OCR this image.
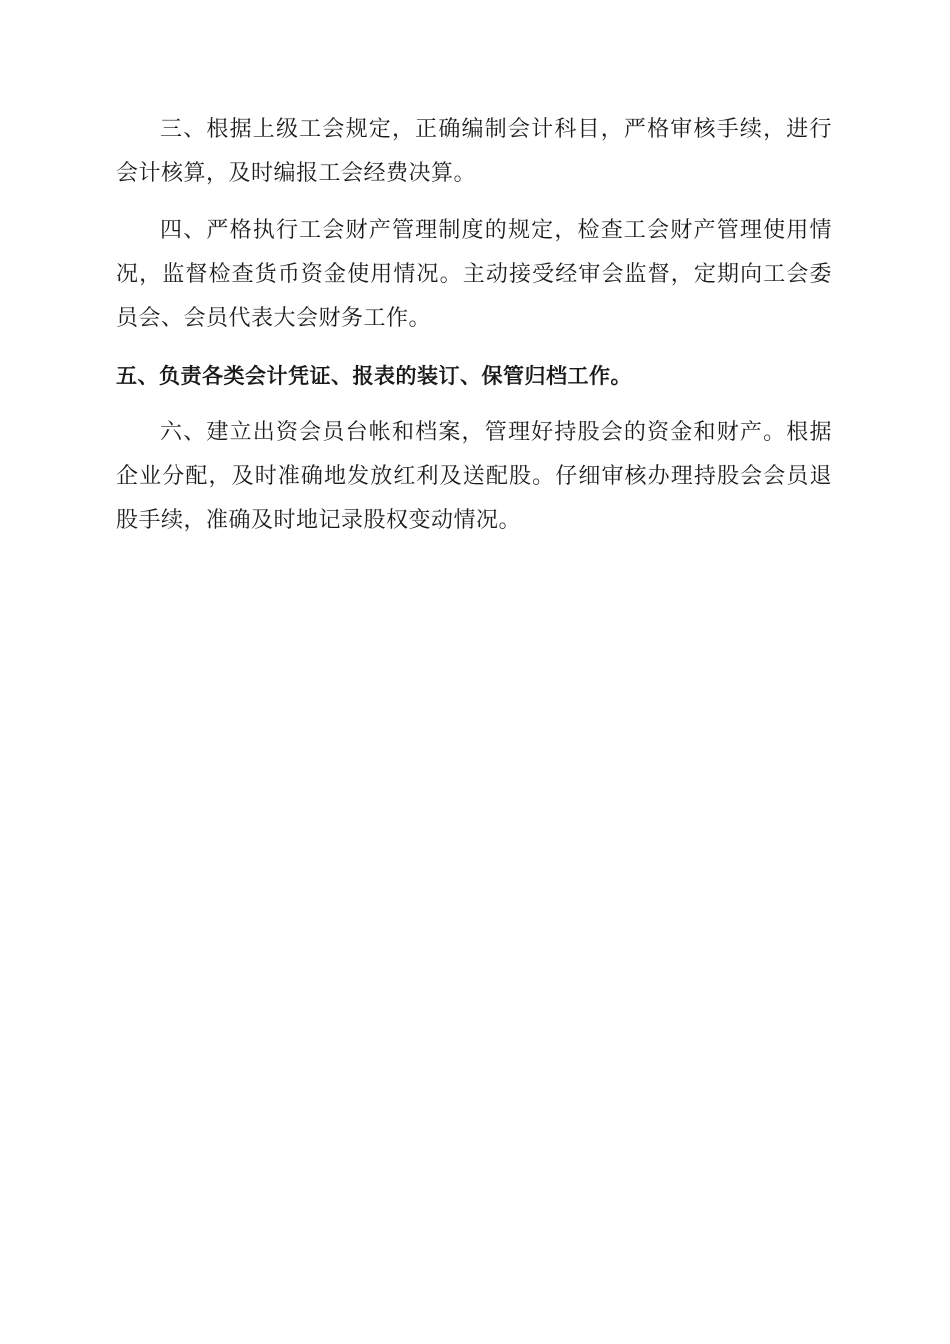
三、根据上级工会规定，正确编制会计科目，严格审核手续，进行会计核算，及时编报工会经费决算。

四、严格执行工会财产管理制度的规定，检查工会财产管理使用情况，监督检查货币资金使用情况。主动接受经审会监督，定期向工会委员会、会员代表大会财务工作。

五、负责各类会计凭证、报表的装订、保管归档工作。

六、建立出资会员台帐和档案，管理好持股会的资金和财产。根据企业分配，及时准确地发放红利及送配股。仔细审核办理持股会会员退股手续，准确及时地记录股权变动情况。
